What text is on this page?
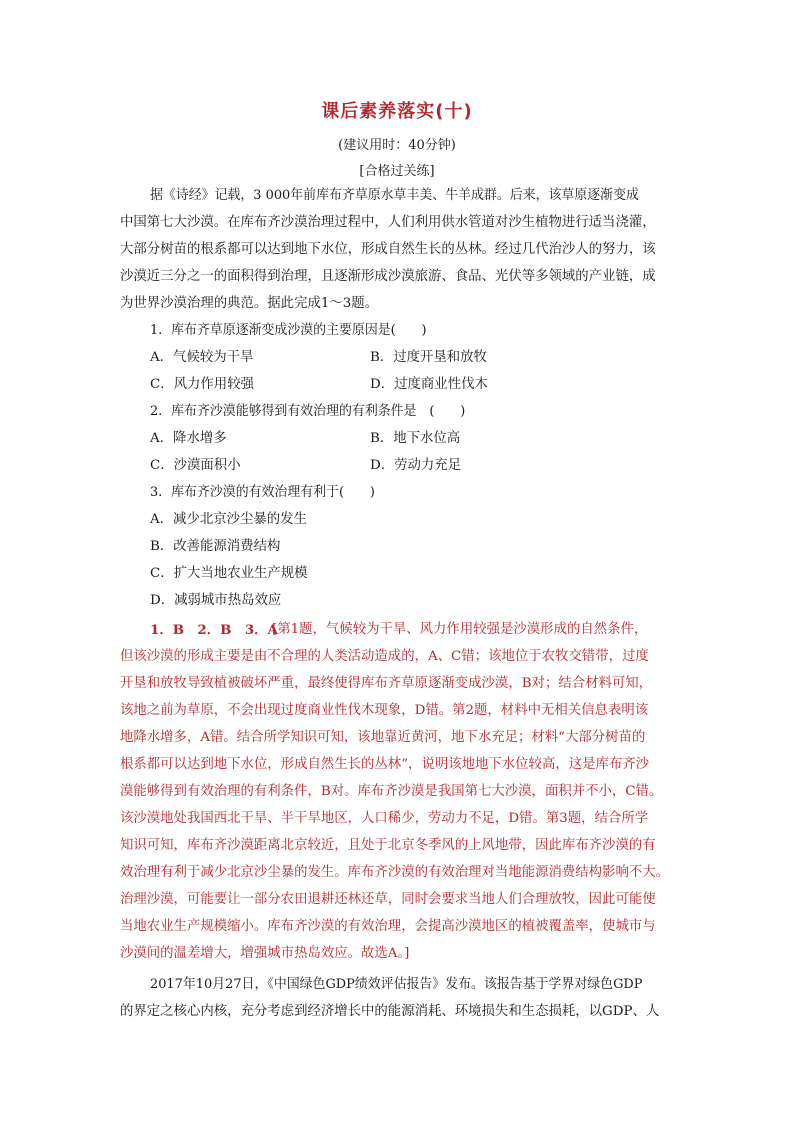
课后素养落实(十)
(建议用时：40分钟)
[合格过关练]
据《诗经》记载，3 000年前库布齐草原水草丰美、牛羊成群。后来，该草原逐渐变成
中国第七大沙漠。在库布齐沙漠治理过程中，人们利用供水管道对沙生植物进行适当浇灌，
大部分树苗的根系都可以达到地下水位，形成自然生长的丛林。经过几代治沙人的努力，该
沙漠近三分之一的面积得到治理，且逐渐形成沙漠旅游、食品、光伏等多领域的产业链，成
为世界沙漠治理的典范。据此完成1～3题。
1．库布齐草原逐渐变成沙漠的主要原因是(　　)
A．气候较为干旱	B．过度开垦和放牧
C．风力作用较强	D．过度商业性伐木
2．库布齐沙漠能够得到有效治理的有利条件是　(　　)
A．降水增多	B．地下水位高
C．沙漠面积小	D．劳动力充足
3．库布齐沙漠的有效治理有利于(　　)
A．减少北京沙尘暴的发生
B．改善能源消费结构
C．扩大当地农业生产规模
D．减弱城市热岛效应
1．B　2．B　3．A
[第1题，气候较为干旱、风力作用较强是沙漠形成的自然条件，
但该沙漠的形成主要是由不合理的人类活动造成的，A、C错；该地位于农牧交错带，过度
开垦和放牧导致植被破坏严重，最终使得库布齐草原逐渐变成沙漠，B对；结合材料可知，
该地之前为草原，不会出现过度商业性伐木现象，D错。第2题，材料中无相关信息表明该
地降水增多，A错。结合所学知识可知，该地靠近黄河，地下水充足；材料“大部分树苗的
根系都可以达到地下水位，形成自然生长的丛林”，说明该地地下水位较高，这是库布齐沙
漠能够得到有效治理的有利条件，B对。库布齐沙漠是我国第七大沙漠，面积并不小，C错。
该沙漠地处我国西北干旱、半干旱地区，人口稀少，劳动力不足，D错。第3题，结合所学
知识可知，库布齐沙漠距离北京较近，且处于北京冬季风的上风地带，因此库布齐沙漠的有
效治理有利于减少北京沙尘暴的发生。库布齐沙漠的有效治理对当地能源消费结构影响不大。
治理沙漠，可能要让一部分农田退耕还林还草，同时会要求当地人们合理放牧，因此可能使
当地农业生产规模缩小。库布齐沙漠的有效治理，会提高沙漠地区的植被覆盖率，使城市与
沙漠间的温差增大，增强城市热岛效应。故选A。]
2017年10月27日，《中国绿色GDP绩效评估报告》发布。该报告基于学界对绿色GDP
的界定之核心内核，充分考虑到经济增长中的能源消耗、环境损失和生态损耗，以GDP、人
